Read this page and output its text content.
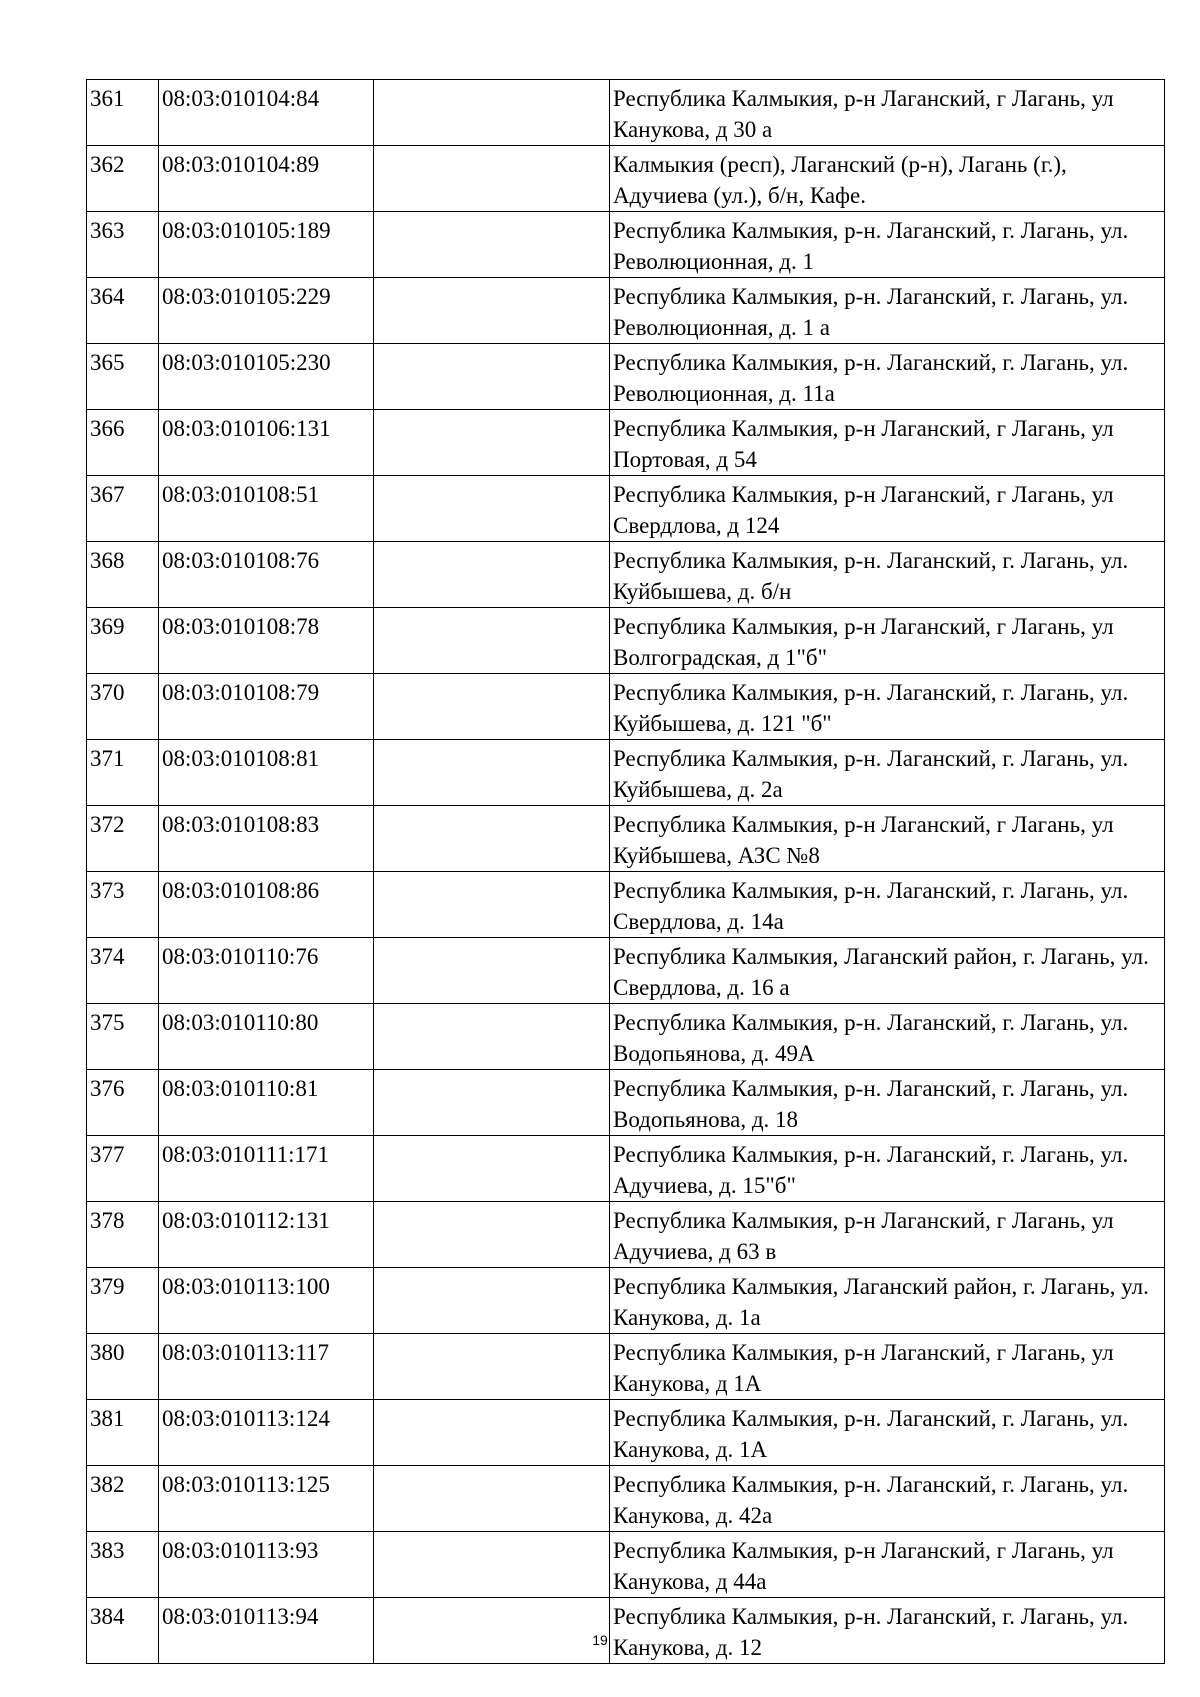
361	08:03:010104:84		Республика Калмыкия, р-н Лаганский, г Лагань, ул Канукова, д 30 а
362	08:03:010104:89		Калмыкия (респ), Лаганский (р-н), Лагань (г.), Адучиева (ул.), б/н, Кафе.
363	08:03:010105:189		Республика Калмыкия, р-н. Лаганский, г. Лагань, ул. Революционная, д. 1
364	08:03:010105:229		Республика Калмыкия, р-н. Лаганский, г. Лагань, ул. Революционная, д. 1 а
365	08:03:010105:230		Республика Калмыкия, р-н. Лаганский, г. Лагань, ул. Революционная, д. 11а
366	08:03:010106:131		Республика Калмыкия, р-н Лаганский, г Лагань, ул Портовая, д 54
367	08:03:010108:51		Республика Калмыкия, р-н Лаганский, г Лагань, ул Свердлова, д 124
368	08:03:010108:76		Республика Калмыкия, р-н. Лаганский, г. Лагань, ул. Куйбышева, д. б/н
369	08:03:010108:78		Республика Калмыкия, р-н Лаганский, г Лагань, ул Волгоградская, д 1"б"
370	08:03:010108:79		Республика Калмыкия, р-н. Лаганский, г. Лагань, ул. Куйбышева, д. 121 "б"
371	08:03:010108:81		Республика Калмыкия, р-н. Лаганский, г. Лагань, ул. Куйбышева, д. 2а
372	08:03:010108:83		Республика Калмыкия, р-н Лаганский, г Лагань, ул Куйбышева, АЗС №8
373	08:03:010108:86		Республика Калмыкия, р-н. Лаганский, г. Лагань, ул. Свердлова, д. 14а
374	08:03:010110:76		Республика Калмыкия, Лаганский район, г. Лагань, ул. Свердлова, д. 16 а
375	08:03:010110:80		Республика Калмыкия, р-н. Лаганский, г. Лагань, ул. Водопьянова, д. 49А
376	08:03:010110:81		Республика Калмыкия, р-н. Лаганский, г. Лагань, ул. Водопьянова, д. 18
377	08:03:010111:171		Республика Калмыкия, р-н. Лаганский, г. Лагань, ул. Адучиева, д. 15"б"
378	08:03:010112:131		Республика Калмыкия, р-н Лаганский, г Лагань, ул Адучиева, д 63 в
379	08:03:010113:100		Республика Калмыкия, Лаганский район, г. Лагань, ул. Канукова, д. 1а
380	08:03:010113:117		Республика Калмыкия, р-н Лаганский, г Лагань, ул Канукова, д 1А
381	08:03:010113:124		Республика Калмыкия, р-н. Лаганский, г. Лагань, ул. Канукова, д. 1А
382	08:03:010113:125		Республика Калмыкия, р-н. Лаганский, г. Лагань, ул. Канукова, д. 42а
383	08:03:010113:93		Республика Калмыкия, р-н Лаганский, г Лагань, ул Канукова, д 44а
384	08:03:010113:94		Республика Калмыкия, р-н. Лаганский, г. Лагань, ул. Канукова, д. 12
19
